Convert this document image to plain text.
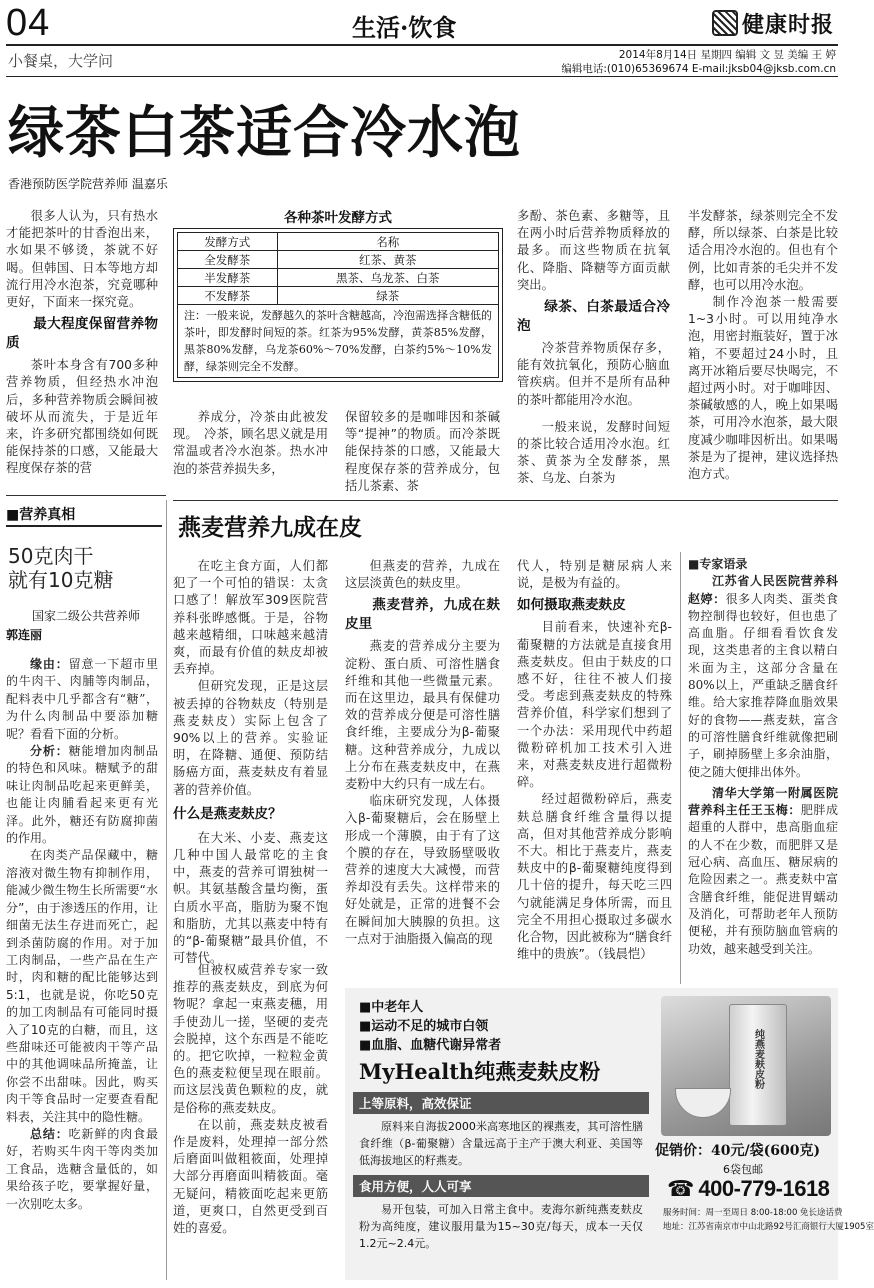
04	生活·饮食	健康时报
小餐桌，大学问	2014年8月14日 星期四 编辑 文 昱 美编 王 婷
编辑电话:(010)65369674 E-mail:jksb04@jksb.com.cn
绿茶白茶适合冷水泡
香港预防医学院营养师 温嘉乐

很多人认为，只有热水才能把茶叶的甘香泡出来，水如果不够烫，茶就不好喝。但韩国、日本等地方却流行用冷水泡茶，究竟哪种更好，下面来一探究竟。

最大程度保留营养物质

茶叶本身含有700多种营养物质，但经热水冲泡后，多种营养物质会瞬间被破坏从而流失，于是近年来，许多研究都围绕如何既能保持茶的口感，又能最大程度保存茶的营

各种茶叶发酵方式
发酵方式	名称
全发酵茶	红茶、黄茶
半发酵茶	黑茶、乌龙茶、白茶
不发酵茶	绿茶
注：一般来说，发酵越久的茶叶含糖越高，冷泡需选择含糖低的茶叶，即发酵时间短的茶。红茶为95%发酵，黄茶85%发酵，黑茶80%发酵，乌龙茶60%～70%发酵，白茶约5%～10%发酵，绿茶则完全不发酵。

养成分，冷茶由此被发现。　冷茶，顾名思义就是用常温或者冷水泡茶。热水冲泡的茶营养损失多，

保留较多的是咖啡因和茶碱等“提神”的物质。而冷茶既能保持茶的口感，又能最大程度保存茶的营养成分，包括儿茶素、茶

多酚、茶色素、多糖等，且在两小时后营养物质释放的最多。而这些物质在抗氧化、降脂、降糖等方面贡献突出。

绿茶、白茶最适合冷泡

冷茶营养物质保存多，能有效抗氧化，预防心脑血管疾病。但并不是所有品种的茶叶都能用冷水泡。

一般来说，发酵时间短的茶比较合适用冷水泡。红茶、黄茶为全发酵茶，黑茶、乌龙、白茶为

半发酵茶，绿茶则完全不发酵，所以绿茶、白茶是比较适合用冷水泡的。但也有个例，比如青茶的毛尖并不发酵，也可以用冷水泡。

制作冷泡茶一般需要1~3小时。可以用纯净水泡，用密封瓶装好，置于冰箱，不要超过24小时，且离开冰箱后要尽快喝完，不超过两小时。对于咖啡因、茶碱敏感的人，晚上如果喝茶，可用冷水泡茶，最大限度减少咖啡因析出。如果喝茶是为了提神，建议选择热泡方式。

■营养真相
50克肉干
就有10克糖
国家二级公共营养师
郭连丽

缘由：留意一下超市里的牛肉干、肉脯等肉制品，配料表中几乎都含有“糖”，为什么肉制品中要添加糖呢？看看下面的分析。

分析：糖能增加肉制品的特色和风味。糖赋予的甜味让肉制品吃起来更鲜美，也能让肉脯看起来更有光泽。此外，糖还有防腐抑菌的作用。

在肉类产品保藏中，糖溶液对微生物有抑制作用，能减少微生物生长所需要“水分”，由于渗透压的作用，让细菌无法生存进而死亡，起到杀菌防腐的作用。对于加工肉制品，一些产品在生产时，肉和糖的配比能够达到5:1，也就是说，你吃50克的加工肉制品有可能同时摄入了10克的白糖，而且，这些甜味还可能被肉干等产品中的其他调味品所掩盖，让你尝不出甜味。因此，购买肉干等食品时一定要查看配料表，关注其中的隐性糖。

总结：吃新鲜的肉食最好，若购买牛肉干等肉类加工食品，选糖含量低的，如果给孩子吃，要掌握好量，一次别吃太多。

燕麦营养九成在皮

在吃主食方面，人们都犯了一个可怕的错误：太贪口感了！解放军309医院营养科张晔感慨。于是，谷物越来越精细，口味越来越清爽，而最有价值的麸皮却被丢弃掉。

但研究发现，正是这层被丢掉的谷物麸皮（特别是燕麦麸皮）实际上包含了90%以上的营养。实验证明，在降糖、通便、预防结肠癌方面，燕麦麸皮有着显著的营养价值。

什么是燕麦麸皮？

在大米、小麦、燕麦这几种中国人最常吃的主食中，燕麦的营养可谓独树一帜。其氨基酸含量均衡，蛋白质水平高，脂肪为聚不饱和脂肪，尤其以燕麦中特有的“β-葡聚糖”最具价值，不可替代。

但被权威营养专家一致推荐的燕麦麸皮，到底为何物呢？拿起一束燕麦穗，用手使劲儿一搓，坚硬的麦壳会脱掉，这个东西是不能吃的。把它吹掉，一粒粒金黄色的燕麦粒便呈现在眼前。而这层浅黄色颗粒的皮，就是俗称的燕麦麸皮。

在以前，燕麦麸皮被看作是废料，处理掉一部分然后磨面叫做粗筱面，处理掉大部分再磨面叫精筱面。毫无疑问，精筱面吃起来更筋道，更爽口，自然更受到百姓的喜爱。

但燕麦的营养，九成在这层淡黄色的麸皮里。

燕麦营养，九成在麸皮里

燕麦的营养成分主要为淀粉、蛋白质、可溶性膳食纤维和其他一些微量元素。而在这里边，最具有保健功效的营养成分便是可溶性膳食纤维，主要成分为β-葡聚糖。这种营养成分，九成以上分布在燕麦麸皮中，在燕麦粉中大约只有一成左右。

临床研究发现，人体摄入β-葡聚糖后，会在肠壁上形成一个薄膜，由于有了这个膜的存在，导致肠壁吸收营养的速度大大减慢，而营养却没有丢失。这样带来的好处就是，正常的进餐不会在瞬间加大胰腺的负担。这一点对于油脂摄入偏高的现

代人，特别是糖尿病人来说，是极为有益的。

如何摄取燕麦麸皮

目前看来，快速补充β-葡聚糖的方法就是直接食用燕麦麸皮。但由于麸皮的口感不好，往往不被人们接受。考虑到燕麦麸皮的特殊营养价值，科学家们想到了一个办法：采用现代中药超微粉碎机加工技术引入进来，对燕麦麸皮进行超微粉碎。

经过超微粉碎后，燕麦麸总膳食纤维含量得以提高，但对其他营养成分影响不大。相比于燕麦片，燕麦麸皮中的β-葡聚糖纯度得到几十倍的提升，每天吃三四勺就能满足身体所需，而且完全不用担心摄取过多碳水化合物，因此被称为“膳食纤维中的贵族”。（钱晨恺）

■专家语录

江苏省人民医院营养科赵婷：很多人肉类、蛋类食物控制得也较好，但也患了高血脂。仔细看看饮食发现，这类患者的主食以精白米面为主，这部分含量在80%以上，严重缺乏膳食纤维。给大家推荐降血脂效果好的食物——燕麦麸，富含的可溶性膳食纤维就像把刷子，刷掉肠壁上多余油脂，使之随大便排出体外。

清华大学第一附属医院营养科主任王玉梅：肥胖成超重的人群中，患高脂血症的人不在少数，而肥胖又是冠心病、高血压、糖尿病的危险因素之一。燕麦麸中富含膳食纤维，能促进胃蠕动及消化，可帮助老年人预防便秘，并有预防脑血管病的功效，越来越受到关注。

■中老年人
■运动不足的城市白领
■血脂、血糖代谢异常者
MyHealth纯燕麦麸皮粉
上等原料，高效保证
原料来自海拔2000米高寒地区的裸燕麦，其可溶性膳食纤维（β-葡聚糖）含量远高于主产于澳大利亚、美国等低海拔地区的籽燕麦。
食用方便，人人可享
易开包装，可加入日常主食中。麦海尔新纯燕麦麸皮粉为高纯度，建议服用量为15~30克/每天，成本一天仅1.2元~2.4元。
纯燕麦麸皮粉
促销价：40元/袋(600克)
6袋包邮
☎ 400-779-1618
服务时间：周一至周日 8:00-18:00 免长途话费
地址：江苏省南京市中山北路92号汇商银行大厦1905室
